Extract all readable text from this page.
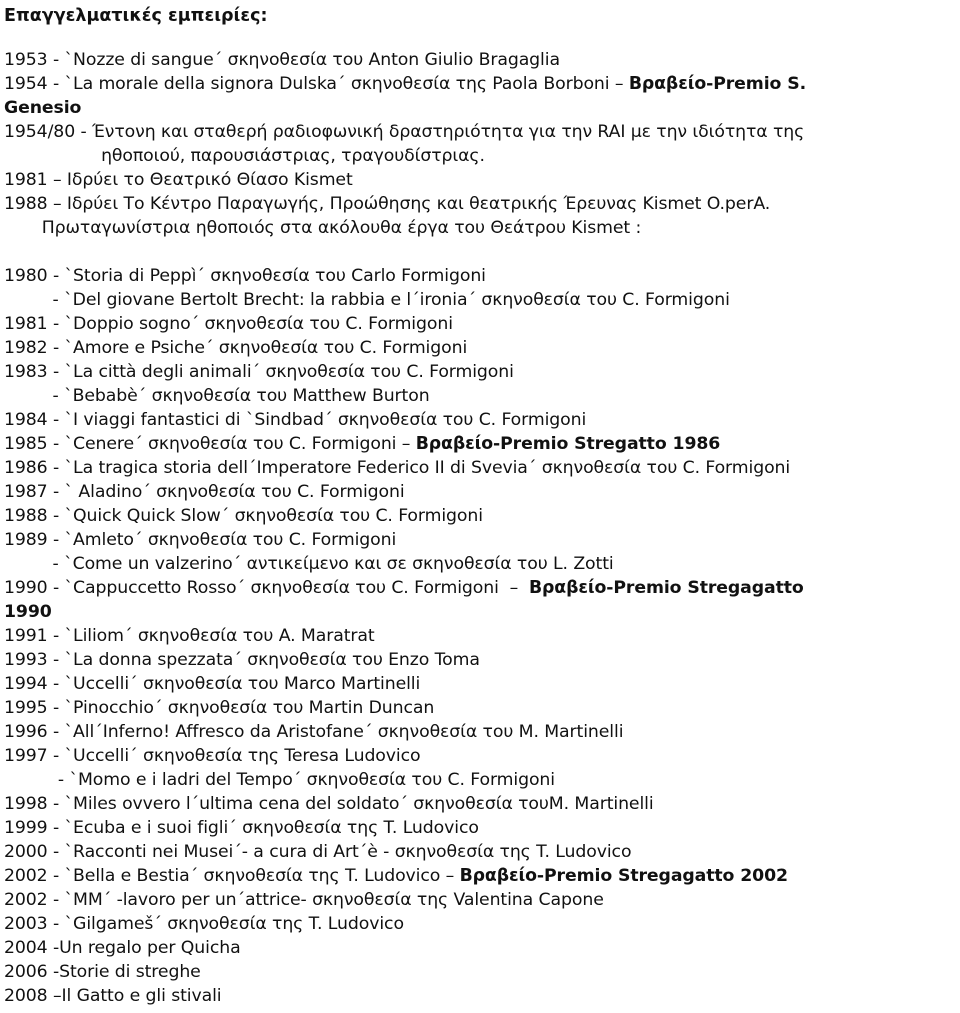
Επαγγελματικές εμπειρίες:
1953 - ˋNozze di sangueˊ σκηνοθεσία του Anton Giulio Bragaglia
1954 - ˋLa morale della signora Dulskaˊ σκηνοθεσία της Paola Borboni – Βραβείο-Premio S.
Genesio
1954/80 - Έντονη και σταθερή ραδιοφωνική δραστηριότητα για την RAI με την ιδιότητα της
ηθοποιού, παρουσιάστριας, τραγουδίστριας.
1981 – Ιδρύει το Θεατρικό Θίασο Kismet
1988 – Ιδρύει Το Κέντρο Παραγωγής, Προώθησης και θεατρικής Έρευνας Kismet O.perA.
Πρωταγωνίστρια ηθοποιός στα ακόλουθα έργα του Θεάτρου Kismet :
1980 - ˋStoria di Peppìˊ σκηνοθεσία του Carlo Formigoni
- ˋDel giovane Bertolt Brecht: la rabbia e lˊironiaˊ σκηνοθεσία του C. Formigoni
1981 - ˋDoppio sognoˊ σκηνοθεσία του C. Formigoni
1982 - ˋAmore e Psicheˊ σκηνοθεσία του C. Formigoni
1983 - ˋLa città degli animaliˊ σκηνοθεσία του C. Formigoni
- ˋBebabèˊ σκηνοθεσία του Matthew Burton
1984 - ˋI viaggi fantastici di ˋSindbadˊ σκηνοθεσία του C. Formigoni
1985 - ˋCenereˊ σκηνοθεσία του C. Formigoni – Βραβείο-Premio Stregatto 1986
1986 - ˋLa tragica storia dellˊImperatore Federico II di Sveviaˊ σκηνοθεσία του C. Formigoni
1987 - ˋ Aladinoˊ σκηνοθεσία του C. Formigoni
1988 - ˋQuick Quick Slowˊ σκηνοθεσία του C. Formigoni
1989 - ˋAmletoˊ σκηνοθεσία του C. Formigoni
- ˋCome un valzerinoˊ αντικείμενο και σε σκηνοθεσία του L. Zotti
1990 - ˋCappuccetto Rossoˊ σκηνοθεσία του C. Formigoni  –  Βραβείο-Premio Stregagatto
1990
1991 - ˋLiliomˊ σκηνοθεσία του A. Maratrat
1993 - ˋLa donna spezzataˊ σκηνοθεσία του Enzo Toma
1994 - ˋUccelliˊ σκηνοθεσία του Marco Martinelli
1995 - ˋPinocchioˊ σκηνοθεσία του Martin Duncan
1996 - ˋAllˊInferno! Affresco da Aristofaneˊ σκηνοθεσία του M. Martinelli
1997 - ˋUccelliˊ σκηνοθεσία της Teresa Ludovico
- ˋMomo e i ladri del Tempoˊ σκηνοθεσία του C. Formigoni
1998 - ˋMiles ovvero lˊultima cena del soldatoˊ σκηνοθεσία τουM. Martinelli
1999 - ˋEcuba e i suoi figliˊ σκηνοθεσία της T. Ludovico
2000 - ˋRacconti nei Museiˊ- a cura di Artˊè - σκηνοθεσία της T. Ludovico
2002 - ˋBella e Bestiaˊ σκηνοθεσία της T. Ludovico – Βραβείο-Premio Stregagatto 2002
2002 - ˋMMˊ -lavoro per unˊattrice- σκηνοθεσία της Valentina Capone
2003 - ˋGilgamešˊ σκηνοθεσία της T. Ludovico
2004 -Un regalo per Quicha
2006 -Storie di streghe
2008 –Il Gatto e gli stivali
